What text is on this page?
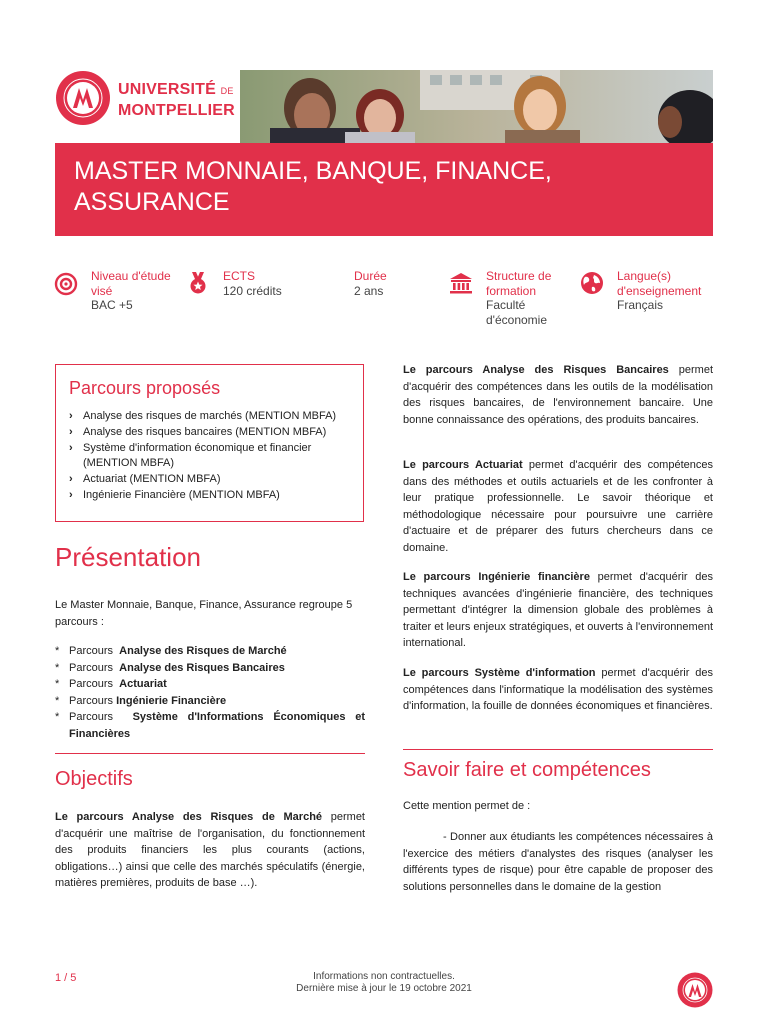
UNIVERSITÉ DE
MONTPELLIER
MASTER MONNAIE, BANQUE, FINANCE, ASSURANCE
Niveau d'étude visé
BAC +5
ECTS
120 crédits
Durée
2 ans
Structure de formation
Faculté d'économie
Langue(s) d'enseignement
Français
Parcours proposés
› Analyse des risques de marchés (MENTION MBFA)
› Analyse des risques bancaires (MENTION MBFA)
› Système d'information économique et financier (MENTION MBFA)
› Actuariat (MENTION MBFA)
› Ingénierie Financière (MENTION MBFA)
Présentation
Le Master Monnaie, Banque, Finance, Assurance regroupe 5 parcours :
* Parcours Analyse des Risques de Marché
* Parcours Analyse des Risques Bancaires
* Parcours Actuariat
* Parcours Ingénierie Financière
* Parcours Système d'Informations Économiques et Financières
Objectifs
Le parcours Analyse des Risques de Marché permet d'acquérir une maîtrise de l'organisation, du fonctionnement des produits financiers les plus courants (actions, obligations…) ainsi que celle des marchés spéculatifs (énergie, matières premières, produits de base …).
Le parcours Analyse des Risques Bancaires permet d'acquérir des compétences dans les outils de la modélisation des risques bancaires, de l'environnement bancaire. Une bonne connaissance des opérations, des produits bancaires.
Le parcours Actuariat permet d'acquérir des compétences dans des méthodes et outils actuariels et de les confronter à leur pratique professionnelle. Le savoir théorique et méthodologique nécessaire pour poursuivre une carrière d'actuaire et de préparer des futurs chercheurs dans ce domaine.
Le parcours Ingénierie financière permet d'acquérir des techniques avancées d'ingénierie financière, des techniques permettant d'intégrer la dimension globale des problèmes à traiter et leurs enjeux stratégiques, et ouverts à l'environnement international.
Le parcours Système d'information permet d'acquérir des compétences dans l'informatique la modélisation des systèmes d'information, la fouille de données économiques et financières.
Savoir faire et compétences
Cette mention permet de :
- Donner aux étudiants les compétences nécessaires à l'exercice des métiers d'analystes des risques (analyser les différents types de risque) pour être capable de proposer des solutions personnelles dans le domaine de la gestion
1 / 5	Informations non contractuelles.
Dernière mise à jour le 19 octobre 2021
